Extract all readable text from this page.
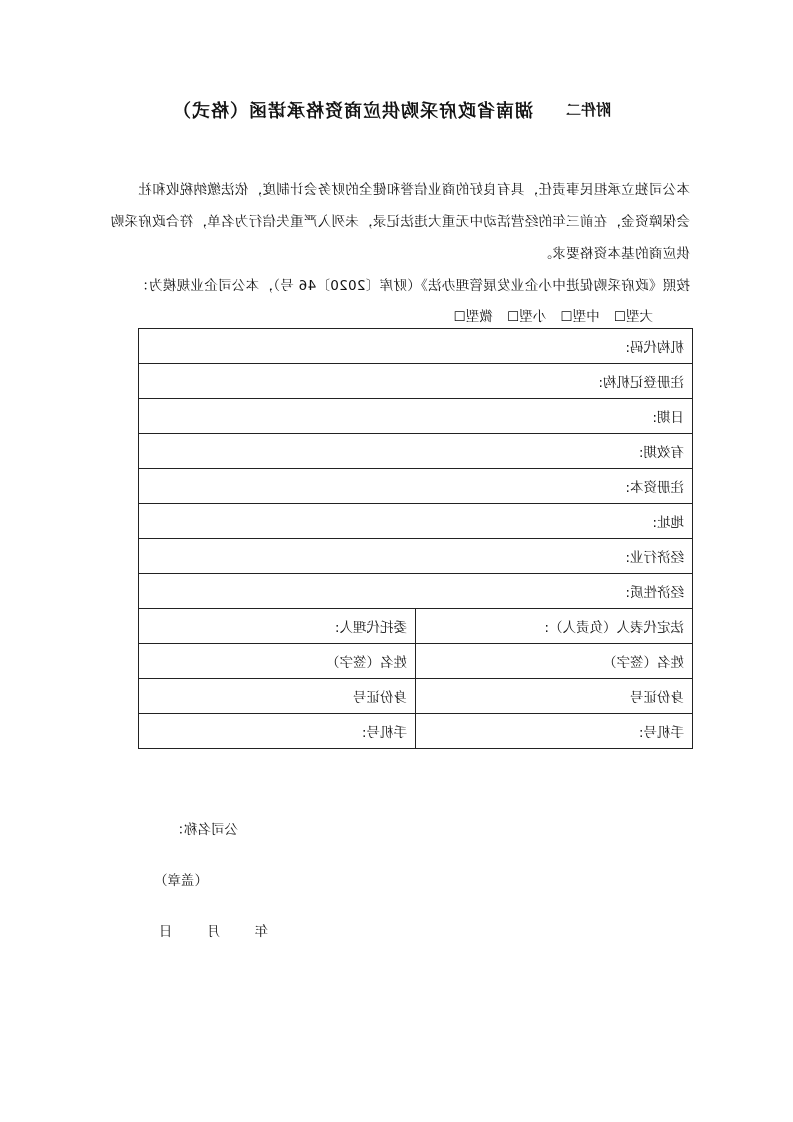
附件二
湖南省政府采购供应商资格承诺函（格式）
本公司独立承担民事责任，具有良好的商业信誉和健全的财务会计制度，依法缴纳税收和社
会保障资金，在前三年的经营活动中无重大违法记录，未列入严重失信行为名单，符合政府采购
供应商的基本资格要求。
按照《政府采购促进中小企业发展管理办法》（财库〔2020〕46 号），本公司企业规模为：
大型☐ 中型☐ 小型☐ 微型☐
机构代码:	
注册登记机构:	
日期:	
有效期:	
注册资本:	
地址:	
经济行业:	
经济性质:	
法定代表人（负责人）:	委托代理人:
姓名（签字）	姓名（签字）
身份证号	身份证号
手机号:	手机号:
公司名称：
（盖章）
年 月 日
